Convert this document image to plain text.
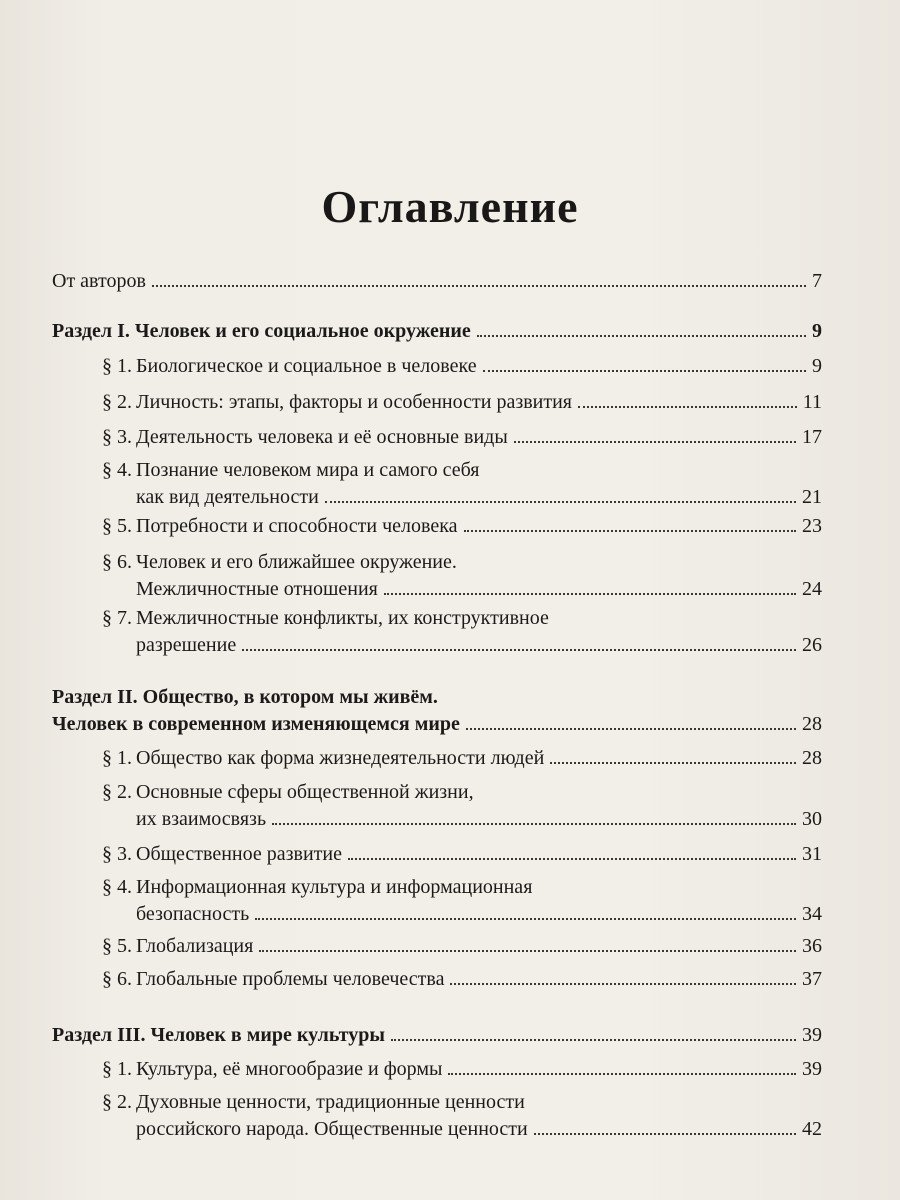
Оглавление
От авторов	7
Раздел I. Человек и его социальное окружение	9
§ 1. Биологическое и социальное в человеке	9
§ 2. Личность: этапы, факторы и особенности развития	11
§ 3. Деятельность человека и её основные виды	17
§ 4. Познание человеком мира и самого себя
как вид деятельности	21
§ 5. Потребности и способности человека	23
§ 6. Человек и его ближайшее окружение.
Межличностные отношения	24
§ 7. Межличностные конфликты, их конструктивное
разрешение	26
Раздел II. Общество, в котором мы живём.
Человек в современном изменяющемся мире	28
§ 1. Общество как форма жизнедеятельности людей	28
§ 2. Основные сферы общественной жизни,
их взаимосвязь	30
§ 3. Общественное развитие	31
§ 4. Информационная культура и информационная
безопасность	34
§ 5. Глобализация	36
§ 6. Глобальные проблемы человечества	37
Раздел III. Человек в мире культуры	39
§ 1. Культура, её многообразие и формы	39
§ 2. Духовные ценности, традиционные ценности
российского народа. Общественные ценности	42
